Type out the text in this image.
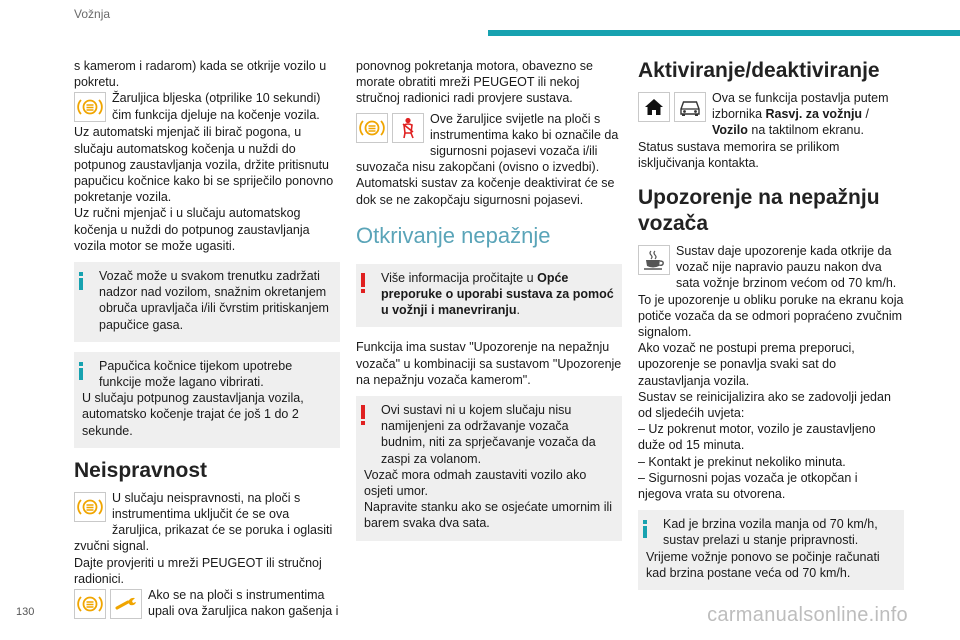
Vožnja

s kamerom i radarom) kada se otkrije vozilo u pokretu.

Žaruljica bljeska (otprilike 10 sekundi) čim funkcija djeluje na kočenje vozila.

Uz automatski mjenjač ili birač pogona, u slučaju automatskog kočenja u nuždi do potpunog zaustavljanja vozila, držite pritisnutu papučicu kočnice kako bi se spriječilo ponovno pokretanje vozila.

Uz ručni mjenjač i u slučaju automatskog kočenja u nuždi do potpunog zaustavljanja vozila motor se može ugasiti.

Vozač može u svakom trenutku zadržati nadzor nad vozilom, snažnim okretanjem obruča upravljača i/ili čvrstim pritiskanjem papučice gasa.

Papučica kočnice tijekom upotrebe funkcije može lagano vibrirati.

U slučaju potpunog zaustavljanja vozila, automatsko kočenje trajat će još 1 do 2 sekunde.

Neispravnost

U slučaju neispravnosti, na ploči s instrumentima uključit će se ova žaruljica, prikazat će se poruka i oglasiti zvučni signal.

Dajte provjeriti u mreži PEUGEOT ili stručnoj radionici.

Ako se na ploči s instrumentima upali ova žaruljica nakon gašenja i

ponovnog pokretanja motora, obavezno se morate obratiti mreži PEUGEOT ili nekoj stručnoj radionici radi provjere sustava.

Ove žaruljice svijetle na ploči s instrumentima kako bi označile da sigurnosni pojasevi vozača i/ili suvozača nisu zakopčani (ovisno o izvedbi). Automatski sustav za kočenje deaktivirat će se dok se ne zakopčaju sigurnosni pojasevi.

Otkrivanje nepažnje

Više informacija pročitajte u Opće preporuke o uporabi sustava za pomoć u vožnji i manevriranju.

Funkcija ima sustav "Upozorenje na nepažnju vozača" u kombinaciji sa sustavom "Upozorenje na nepažnju vozača kamerom".

Ovi sustavi ni u kojem slučaju nisu namijenjeni za održavanje vozača budnim, niti za sprječavanje vozača da zaspi za volanom.

Vozač mora odmah zaustaviti vozilo ako osjeti umor.

Napravite stanku ako se osjećate umornim ili barem svaka dva sata.

Aktiviranje/deaktiviranje

Ova se funkcija postavlja putem izbornika Rasvj. za vožnju / Vozilo na taktilnom ekranu.

Status sustava memorira se prilikom isključivanja kontakta.

Upozorenje na nepažnju vozača

Sustav daje upozorenje kada otkrije da vozač nije napravio pauzu nakon dva sata vožnje brzinom većom od 70 km/h.

To je upozorenje u obliku poruke na ekranu koja potiče vozača da se odmori popraćeno zvučnim signalom.

Ako vozač ne postupi prema preporuci, upozorenje se ponavlja svaki sat do zaustavljanja vozila.

Sustav se reinicijalizira ako se zadovolji jedan od sljedećih uvjeta:

– Uz pokrenut motor, vozilo je zaustavljeno duže od 15 minuta.

– Kontakt je prekinut nekoliko minuta.

– Sigurnosni pojas vozača je otkopčan i njegova vrata su otvorena.

Kad je brzina vozila manja od 70 km/h, sustav prelazi u stanje pripravnosti.

Vrijeme vožnje ponovo se počinje računati kad brzina postane veća od 70 km/h.

130	carmanualsonline.info
